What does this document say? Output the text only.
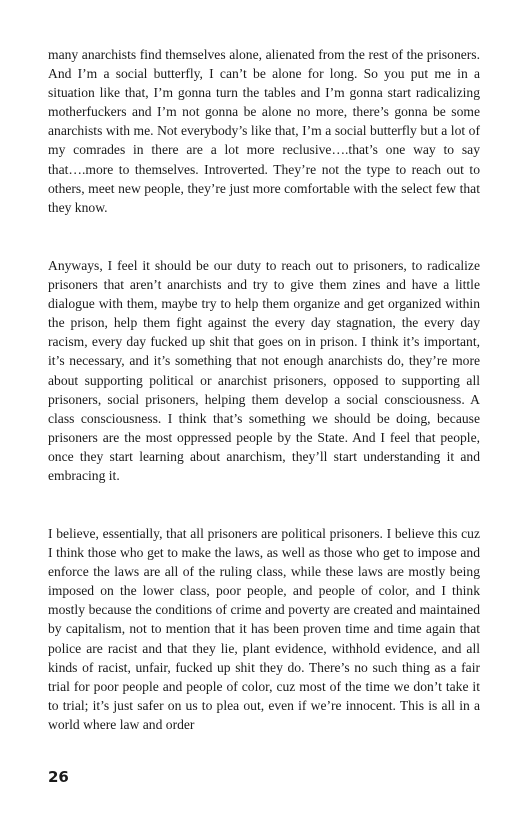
many anarchists find themselves alone, alienated from the rest of the prisoners. And I’m a social butterfly, I can’t be alone for long. So you put me in a situation like that, I’m gonna turn the tables and I’m gonna start radicalizing motherfuckers and I’m not gonna be alone no more, there’s gonna be some anarchists with me. Not everybody’s like that, I’m a social butterfly but a lot of my comrades in there are a lot more reclusive….that’s one way to say that….more to themselves. Introverted. They’re not the type to reach out to others, meet new people, they’re just more comfortable with the select few that they know.

Anyways, I feel it should be our duty to reach out to prisoners, to radicalize prisoners that aren’t anarchists and try to give them zines and have a little dialogue with them, maybe try to help them organize and get organized within the prison, help them fight against the every day stagnation, the every day racism, every day fucked up shit that goes on in prison. I think it’s important, it’s necessary, and it’s something that not enough anarchists do, they’re more about supporting political or anarchist prisoners, opposed to supporting all prisoners, social prisoners, helping them develop a social consciousness. A class consciousness. I think that’s something we should be doing, because prisoners are the most oppressed people by the State. And I feel that people, once they start learning about anarchism, they’ll start understanding it and embracing it.

I believe, essentially, that all prisoners are political prisoners. I believe this cuz I think those who get to make the laws, as well as those who get to impose and enforce the laws are all of the ruling class, while these laws are mostly being imposed on the lower class, poor people, and people of color, and I think mostly because the conditions of crime and poverty are created and maintained by capitalism, not to mention that it has been proven time and time again that police are racist and that they lie, plant evidence, withhold evidence, and all kinds of racist, unfair, fucked up shit they do. There’s no such thing as a fair trial for poor people and people of color, cuz most of the time we don’t take it to trial; it’s just safer on us to plea out, even if we’re innocent. This is all in a world where law and order

26
